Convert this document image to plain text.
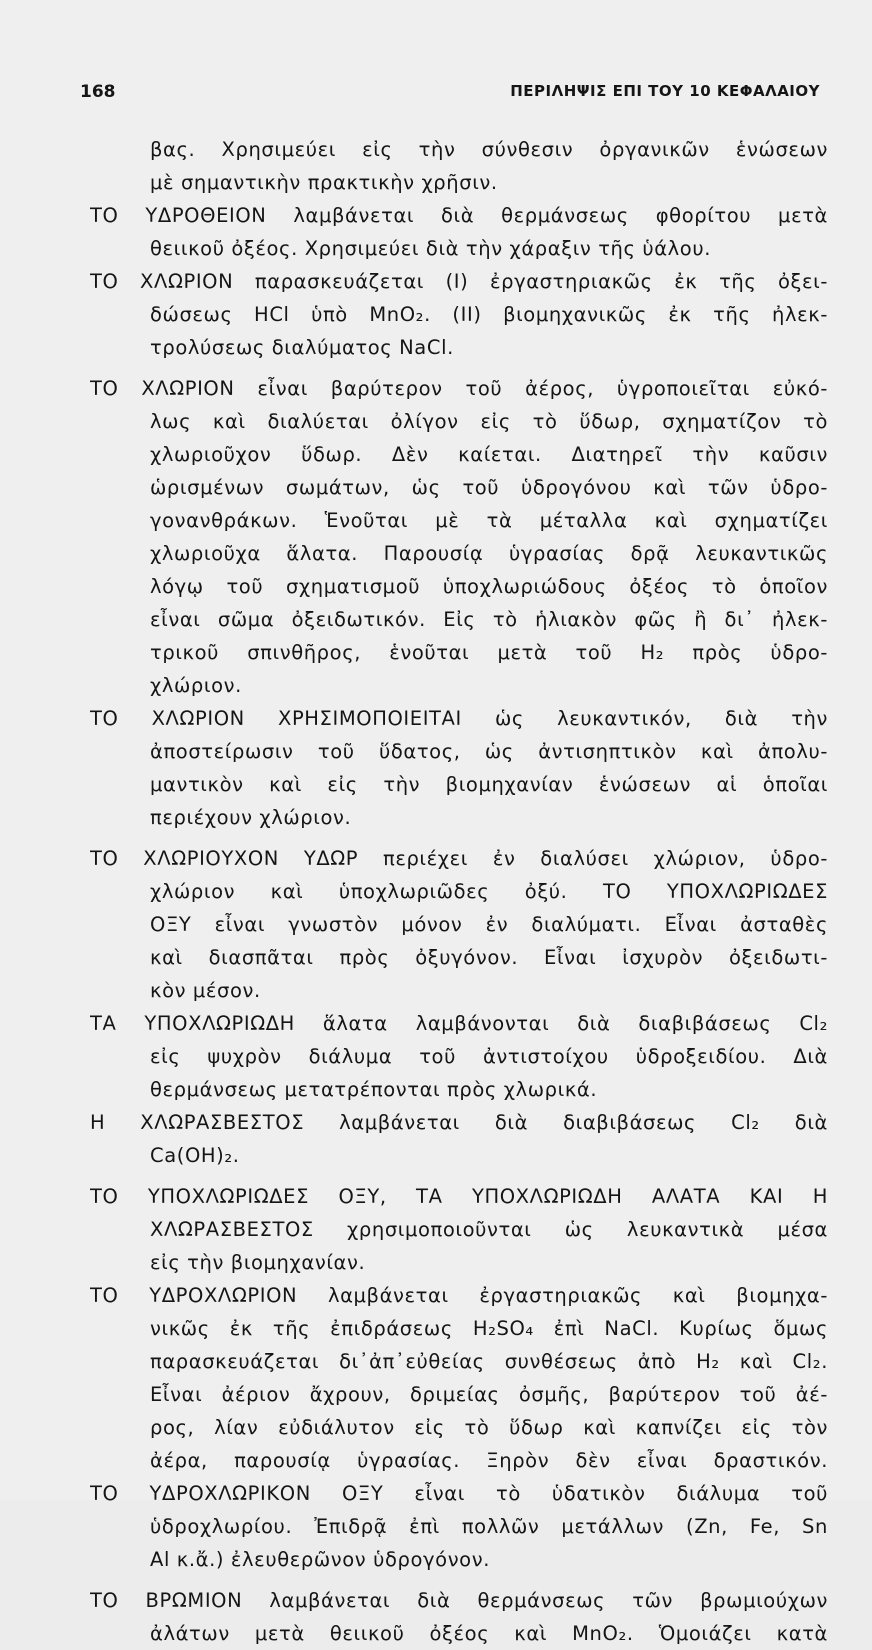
168	ΠΕΡΙΛΗΨΙΣ ΕΠΙ ΤΟΥ 10 ΚΕΦΑΛΑΙΟΥ
βας. Χρησιμεύει εἰς τὴν σύνθεσιν ὀργανικῶν ἑνώσεων
μὲ σημαντικὴν πρακτικὴν χρῆσιν.
ΤΟ ΥΔΡΟΘΕΙΟΝ λαμβάνεται διὰ θερμάνσεως φθορίτου μετὰ
θειικοῦ ὀξέος. Χρησιμεύει διὰ τὴν χάραξιν τῆς ὑάλου.
ΤΟ ΧΛΩΡΙΟΝ παρασκευάζεται (Ι) ἐργαστηριακῶς ἐκ τῆς ὀξει-
δώσεως HCl ὑπὸ MnO₂. (ΙΙ) βιομηχανικῶς ἐκ τῆς ἠλεκ-
τρολύσεως διαλύματος NaCl.
ΤΟ ΧΛΩΡΙΟΝ εἶναι βαρύτερον τοῦ ἀέρος, ὑγροποιεῖται εὐκό-
λως καὶ διαλύεται ὀλίγον εἰς τὸ ὕδωρ, σχηματίζον τὸ
χλωριοῦχον ὕδωρ. Δὲν καίεται. Διατηρεῖ τὴν καῦσιν
ὡρισμένων σωμάτων, ὡς τοῦ ὑδρογόνου καὶ τῶν ὑδρο-
γονανθράκων. Ἑνοῦται μὲ τὰ μέταλλα καὶ σχηματίζει
χλωριοῦχα ἅλατα. Παρουσίᾳ ὑγρασίας δρᾷ λευκαντικῶς
λόγῳ τοῦ σχηματισμοῦ ὑποχλωριώδους ὀξέος τὸ ὁποῖον
εἶναι σῶμα ὀξειδωτικόν. Εἰς τὸ ἡλιακὸν φῶς ἢ δι᾽ ἠλεκ-
τρικοῦ σπινθῆρος, ἑνοῦται μετὰ τοῦ H₂ πρὸς ὑδρο-
χλώριον.
ΤΟ ΧΛΩΡΙΟΝ ΧΡΗΣΙΜΟΠΟΙΕΙΤΑΙ ὡς λευκαντικόν, διὰ τὴν
ἀποστείρωσιν τοῦ ὕδατος, ὡς ἀντισηπτικὸν καὶ ἀπολυ-
μαντικὸν καὶ εἰς τὴν βιομηχανίαν ἑνώσεων αἱ ὁποῖαι
περιέχουν χλώριον.
ΤΟ ΧΛΩΡΙΟΥΧΟΝ ΥΔΩΡ περιέχει ἐν διαλύσει χλώριον, ὑδρο-
χλώριον καὶ ὑποχλωριῶδες ὀξύ. ΤΟ ΥΠΟΧΛΩΡΙΩΔΕΣ
ΟΞΥ εἶναι γνωστὸν μόνον ἐν διαλύματι. Εἶναι ἀσταθὲς
καὶ διασπᾶται πρὸς ὀξυγόνον. Εἶναι ἰσχυρὸν ὀξειδωτι-
κὸν μέσον.
ΤΑ ΥΠΟΧΛΩΡΙΩΔΗ ἅλατα λαμβάνονται διὰ διαβιβάσεως Cl₂
εἰς ψυχρὸν διάλυμα τοῦ ἀντιστοίχου ὑδροξειδίου. Διὰ
θερμάνσεως μετατρέπονται πρὸς χλωρικά.
Η ΧΛΩΡΑΣΒΕΣΤΟΣ λαμβάνεται διὰ διαβιβάσεως Cl₂ διὰ
Ca(OH)₂.
ΤΟ ΥΠΟΧΛΩΡΙΩΔΕΣ ΟΞΥ, ΤΑ ΥΠΟΧΛΩΡΙΩΔΗ ΑΛΑΤΑ ΚΑΙ Η
ΧΛΩΡΑΣΒΕΣΤΟΣ χρησιμοποιοῦνται ὡς λευκαντικὰ μέσα
εἰς τὴν βιομηχανίαν.
ΤΟ ΥΔΡΟΧΛΩΡΙΟΝ λαμβάνεται ἐργαστηριακῶς καὶ βιομηχα-
νικῶς ἐκ τῆς ἐπιδράσεως H₂SO₄ ἐπὶ NaCl. Κυρίως ὅμως
παρασκευάζεται δι᾽ἀπ᾽εὐθείας συνθέσεως ἀπὸ H₂ καὶ Cl₂.
Εἶναι ἀέριον ἄχρουν, δριμείας ὀσμῆς, βαρύτερον τοῦ ἀέ-
ρος, λίαν εὐδιάλυτον εἰς τὸ ὕδωρ καὶ καπνίζει εἰς τὸν
ἀέρα, παρουσίᾳ ὑγρασίας. Ξηρὸν δὲν εἶναι δραστικόν.
ΤΟ ΥΔΡΟΧΛΩΡΙΚΟΝ ΟΞΥ εἶναι τὸ ὑδατικὸν διάλυμα τοῦ
ὑδροχλωρίου. Ἐπιδρᾷ ἐπὶ πολλῶν μετάλλων (Zn, Fe, Sn
Al κ.ἄ.) ἐλευθερῶνον ὑδρογόνον.
ΤΟ ΒΡΩΜΙΟΝ λαμβάνεται διὰ θερμάνσεως τῶν βρωμιούχων
ἀλάτων μετὰ θειικοῦ ὀξέος καὶ MnO₂. Ὁμοιάζει κατὰ
